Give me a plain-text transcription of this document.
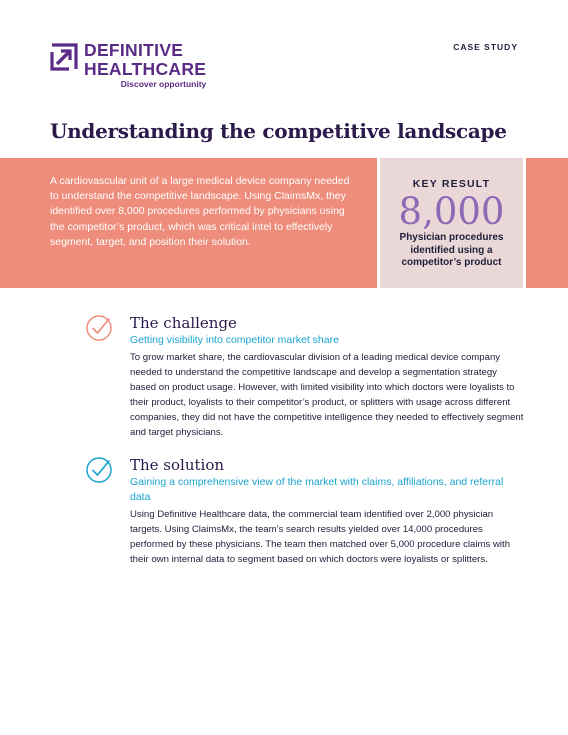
DEFINITIVE
HEALTHCARE
Discover opportunity
CASE STUDY
Understanding the competitive landscape

A cardiovascular unit of a large medical device company needed to understand the competitive landscape. Using ClaimsMx, they identified over 8,000 procedures performed by physicians using the competitor’s product, which was critical intel to effectively segment, target, and position their solution.

KEY RESULT
8,000
Physician procedures identified using a competitor’s product
The challenge
Getting visibility into competitor market share

To grow market share, the cardiovascular division of a leading medical device company needed to understand the competitive landscape and develop a segmentation strategy based on product usage. However, with limited visibility into which doctors were loyalists to their product, loyalists to their competitor’s product, or splitters with usage across different companies, they did not have the competitive intelligence they needed to effectively segment and target physicians.

The solution
Gaining a comprehensive view of the market with claims, affiliations, and referral data

Using Definitive Healthcare data, the commercial team identified over 2,000 physician targets. Using ClaimsMx, the team’s search results yielded over 14,000 procedures performed by these physicians. The team then matched over 5,000 procedure claims with their own internal data to segment based on which doctors were loyalists or splitters.
